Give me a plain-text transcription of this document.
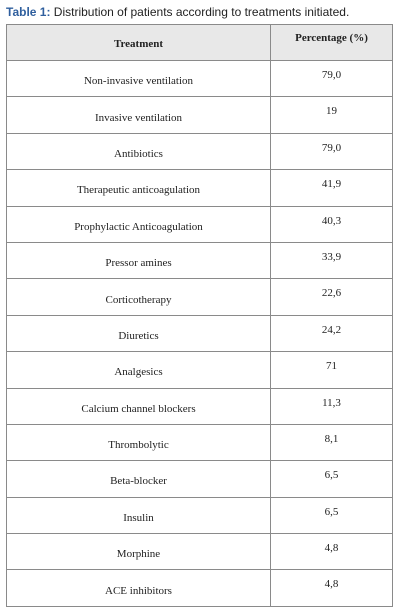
Table 1: Distribution of patients according to treatments initiated.

Treatment	Percentage (%)
Non-invasive ventilation	79,0
Invasive ventilation	19
Antibiotics	79,0
Therapeutic anticoagulation	41,9
Prophylactic Anticoagulation	40,3
Pressor amines	33,9
Corticotherapy	22,6
Diuretics	24,2
Analgesics	71
Calcium channel blockers	11,3
Thrombolytic	8,1
Beta-blocker	6,5
Insulin	6,5
Morphine	4,8
ACE inhibitors	4,8
